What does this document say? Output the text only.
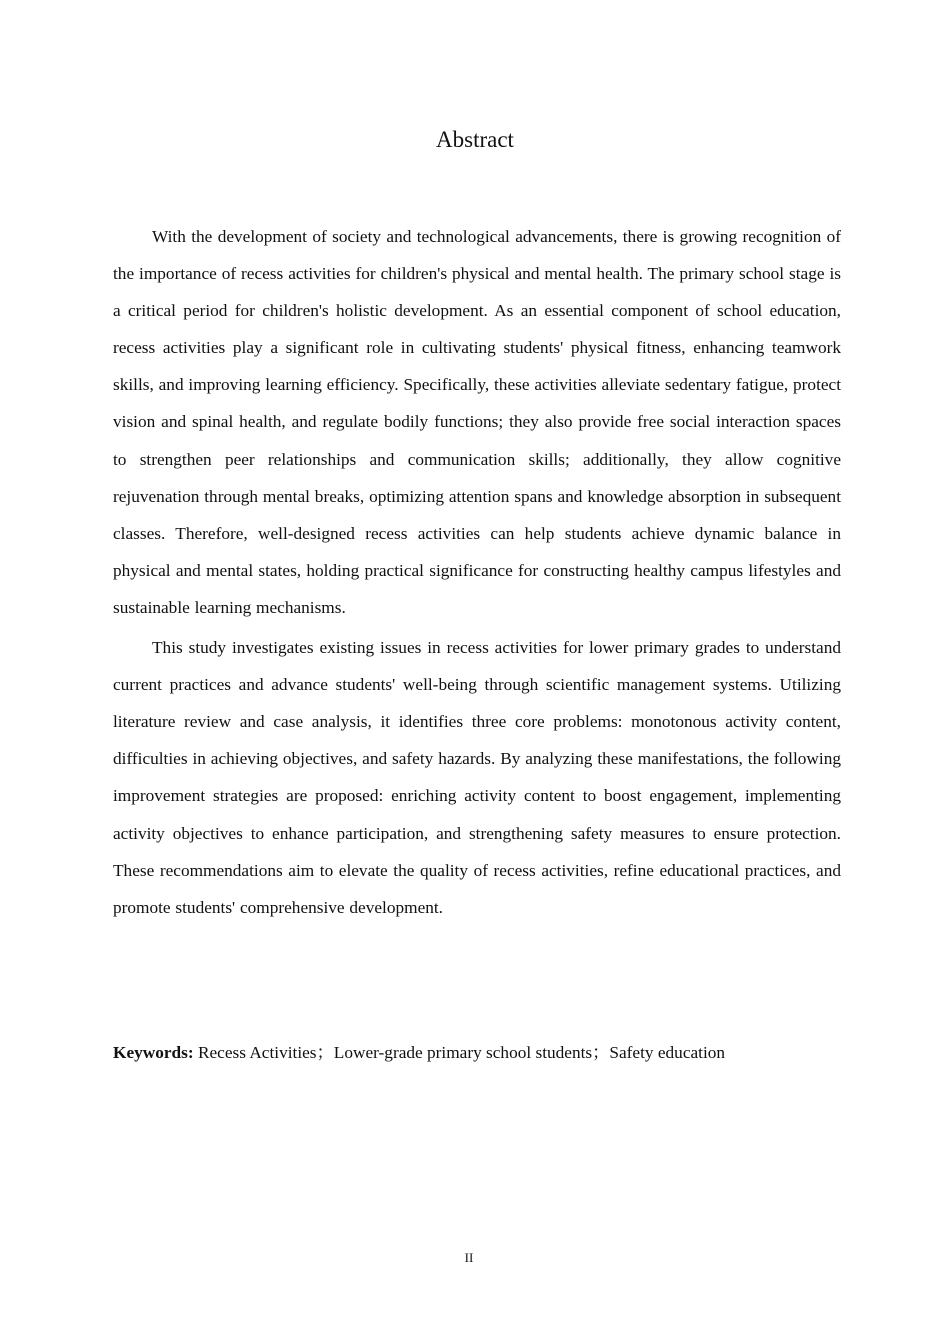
Abstract

With the development of society and technological advancements, there is growing recognition of the importance of recess activities for children's physical and mental health. The primary school stage is a critical period for children's holistic development. As an essential component of school education, recess activities play a significant role in cultivating students' physical fitness, enhancing teamwork skills, and improving learning efficiency. Specifically, these activities alleviate sedentary fatigue, protect vision and spinal health, and regulate bodily functions; they also provide free social interaction spaces to strengthen peer relationships and communication skills; additionally, they allow cognitive rejuvenation through mental breaks, optimizing attention spans and knowledge absorption in subsequent classes. Therefore, well-designed recess activities can help students achieve dynamic balance in physical and mental states, holding practical significance for constructing healthy campus lifestyles and sustainable learning mechanisms.

This study investigates existing issues in recess activities for lower primary grades to understand current practices and advance students' well-being through scientific management systems. Utilizing literature review and case analysis, it identifies three core problems: monotonous activity content, difficulties in achieving objectives, and safety hazards. By analyzing these manifestations, the following improvement strategies are proposed: enriching activity content to boost engagement, implementing activity objectives to enhance participation, and strengthening safety measures to ensure protection. These recommendations aim to elevate the quality of recess activities, refine educational practices, and promote students' comprehensive development.

Keywords: Recess Activities；Lower-grade primary school students；Safety education

II
